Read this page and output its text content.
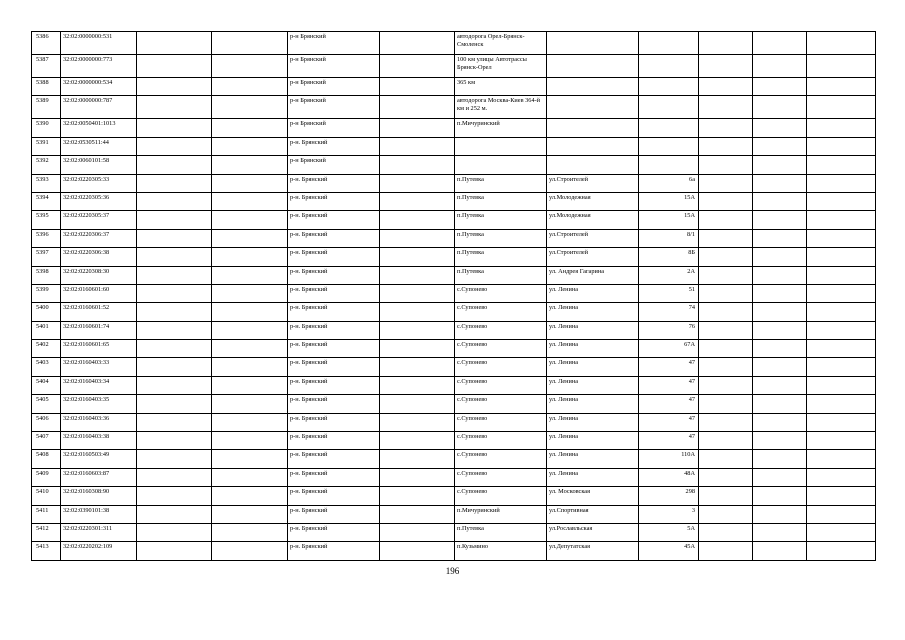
5386	32:02:0000000:531			р-н Брянский		автодорога Орел-Брянск-Смоленск					
5387	32:02:0000000:773			р-н Брянский		100 км улицы Автотрассы Брянск-Орел					
5388	32:02:0000000:534			р-н Брянский		365 км					
5389	32:02:0000000:787			р-н Брянский		автодорога Москва-Киев 364-й км и 252 м.					
5390	32:02:0050401:1013			р-н Брянский		п.Мичуринский					
5391	32:02:0530511:44			р-н. Брянский							
5392	32:02:0060101:58			р-н Брянский							
5393	32:02:0220305:33			р-н. Брянский		п.Путевка	ул.Строителей	6а			
5394	32:02:0220305:36			р-н. Брянский		п.Путевка	ул.Молодежная	15А			
5395	32:02:0220305:37			р-н. Брянский		п.Путевка	ул.Молодежная	15А			
5396	32:02:0220306:37			р-н. Брянский		п.Путевка	ул.Строителей	8/1			
5397	32:02:0220306:38			р-н. Брянский		п.Путевка	ул.Строителей	8Б			
5398	32:02:0220308:30			р-н. Брянский		п.Путевка	ул. Андрея Гагарина	2А			
5399	32:02:0160601:60			р-н. Брянский		с.Супонево	ул. Ленина	51			
5400	32:02:0160601:52			р-н. Брянский		с.Супонево	ул. Ленина	74			
5401	32:02:0160601:74			р-н. Брянский		с.Супонево	ул. Ленина	76			
5402	32:02:0160601:65			р-н. Брянский		с.Супонево	ул. Ленина	67А			
5403	32:02:0160403:33			р-н. Брянский		с.Супонево	ул. Ленина	47			
5404	32:02:0160403:34			р-н. Брянский		с.Супонево	ул. Ленина	47			
5405	32:02:0160403:35			р-н. Брянский		с.Супонево	ул. Ленина	47			
5406	32:02:0160403:36			р-н. Брянский		с.Супонево	ул. Ленина	47			
5407	32:02:0160403:38			р-н. Брянский		с.Супонево	ул. Ленина	47			
5408	32:02:0160503:49			р-н. Брянский		с.Супонево	ул. Ленина	110А			
5409	32:02:0160603:87			р-н. Брянский		с.Супонево	ул. Ленина	48А			
5410	32:02:0160308:90			р-н. Брянский		с.Супонево	ул. Московская	298			
5411	32:02:0390101:38			р-н. Брянский		п.Мичуринский	ул.Спортивная	3			
5412	32:02:0220301:311			р-н. Брянский		п.Путевка	ул.Рославльская	5А			
5413	32:02:0220202:109			р-н. Брянский		п.Кузьмино	ул.Депутатская	45А			
196
